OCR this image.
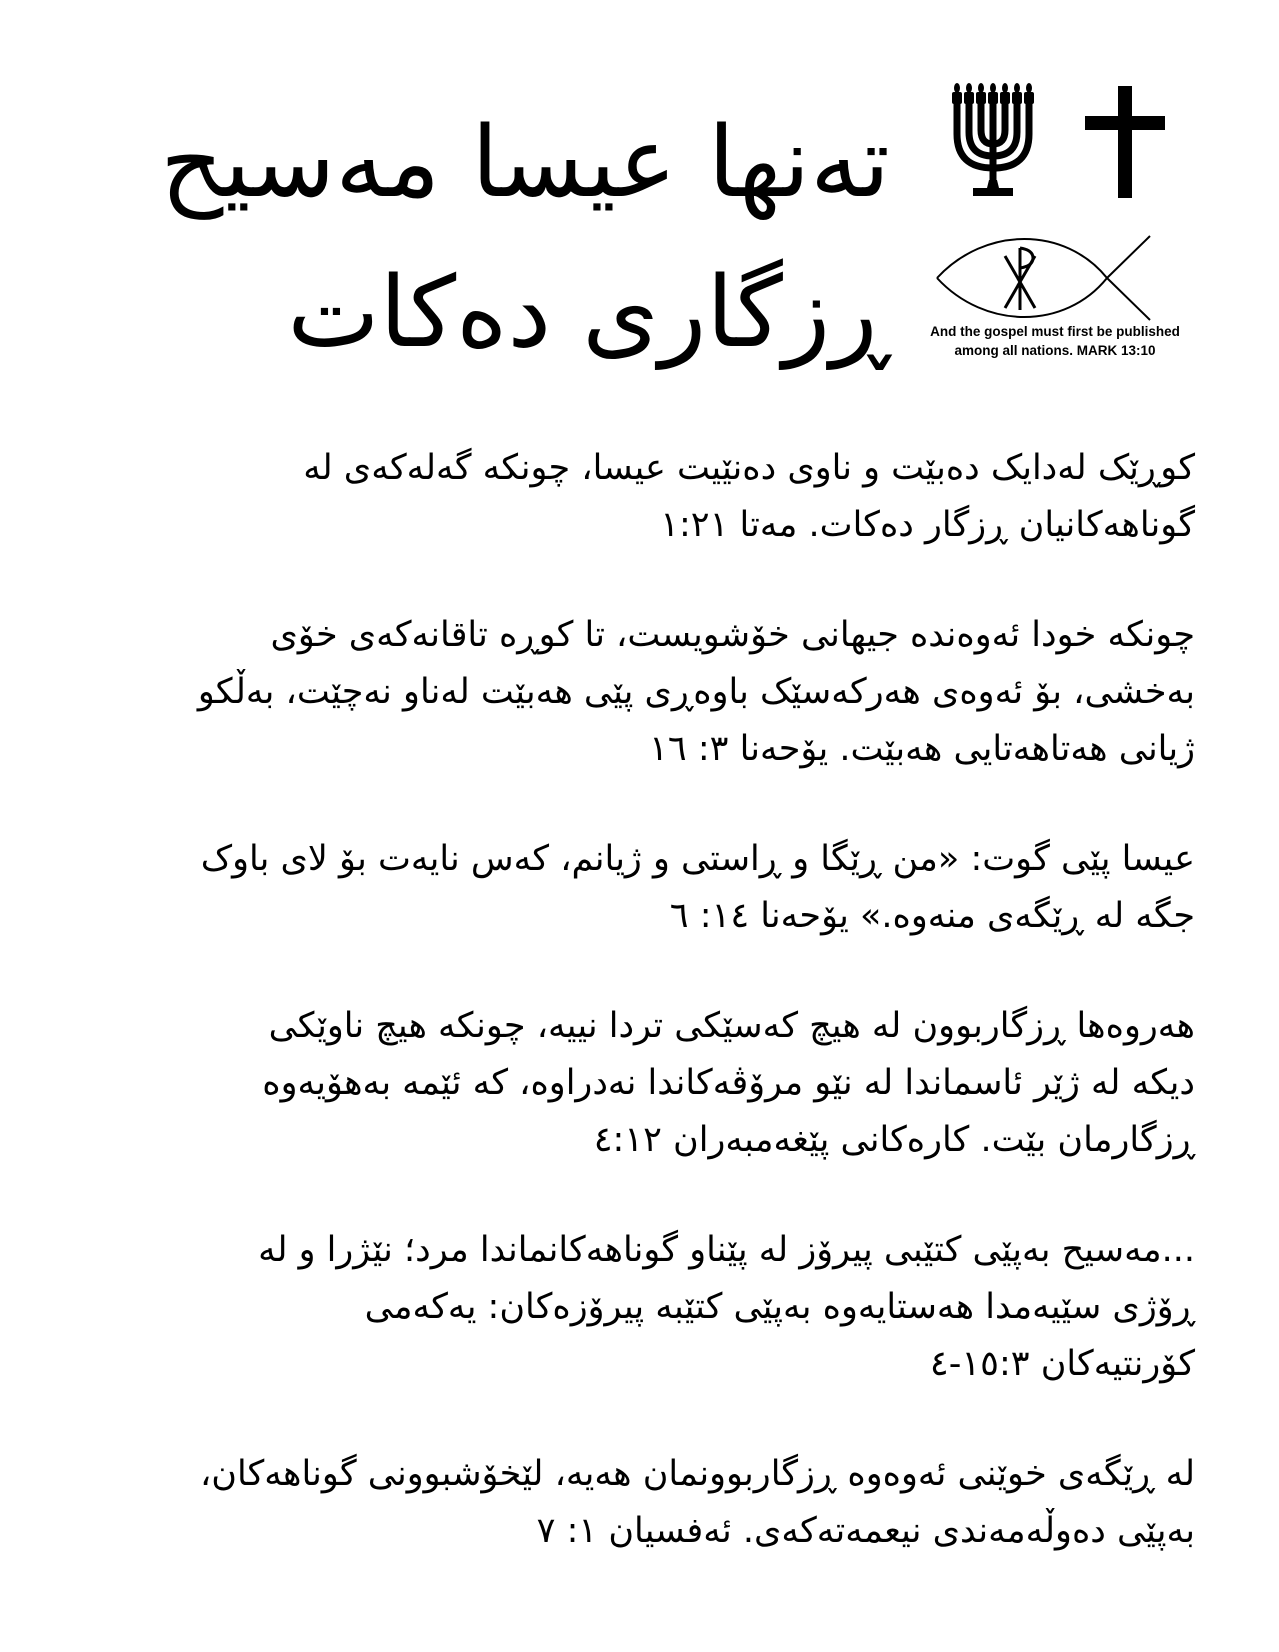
تەنها عیسا مەسیح
ڕزگاری دەکات	And the gospel must first be published
among all nations. MARK 13:10

کوڕێک لەدایک دەبێت و ناوی دەنێیت عیسا، چونکە گەلەکەی لە
گوناهەکانیان ڕزگار دەکات. مەتا ١:٢١

چونکە خودا ئەوەندە جیهانی خۆشویست، تا کوڕە تاقانەکەی خۆی
بەخشی، بۆ ئەوەی هەرکەسێک باوەڕی پێی هەبێت لەناو نەچێت، بەڵکو
ژیانی هەتاهەتایی هەبێت. یۆحەنا ٣: ١٦

عیسا پێی گوت: «من ڕێگا و ڕاستی و ژیانم، کەس نایەت بۆ لای باوک
جگە لە ڕێگەی منەوە.» یۆحەنا ١٤: ٦

هەروەها ڕزگاربوون لە هیچ کەسێکی تردا نییە، چونکە هیچ ناوێکی
دیکە لە ژێر ئاسماندا لە نێو مرۆڤەکاندا نەدراوە، کە ئێمە بەهۆیەوە
ڕزگارمان بێت. کارەکانی پێغەمبەران ٤:١٢

...مەسیح بەپێی کتێبی پیرۆز لە پێناو گوناهەکانماندا مرد؛ نێژرا و لە
ڕۆژی سێیەمدا هەستایەوە بەپێی کتێبە پیرۆزەکان: یەکەمی
کۆرنتیەکان ١٥:٣-٤

لە ڕێگەی خوێنی ئەوەوە ڕزگاربوونمان هەیە، لێخۆشبوونی گوناهەکان،
بەپێی دەوڵەمەندی نیعمەتەکەی. ئەفسیان ١: ٧
